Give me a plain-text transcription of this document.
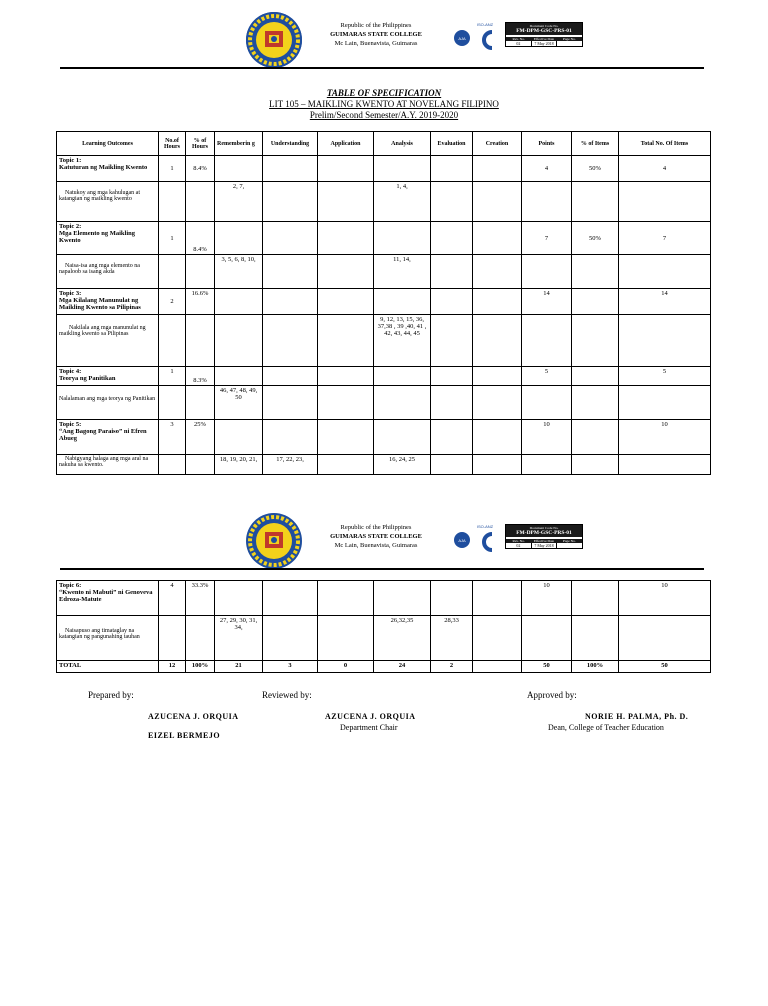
Republic of the Philippines
GUIMARAS STATE COLLEGE
Mc Lain, Buenavista, Guimaras
AJA
ISO-ANZ	Document Code No.
FM-DPM-GSC-PRS-01
Rev. No.	Effective Date	Page No.
02	7 May 2018
TABLE OF SPECIFICATION
LIT 105 – MAIKLING KWENTO AT NOVELANG FILIPINO
Prelim/Second Semester/A.Y. 2019-2020
Learning Outcomes	No.of Hours	% of Hours	Rememberin g	Understanding	Application	Analysis	Evaluation	Creation	Points	% of Items	Total No. Of Items
Topic 1:
Katuturan ng Maikling Kwento	1	8.4%							4	50%	4
Natukoy ang mga kahulugan at katangian ng maikling kwento			2, 7,			1, 4,					
Topic 2:
Mga Elemento ng Maikling Kwento	1	8.4%							7	50%	7
Naisa-isa ang mga elemento na napaloob sa isang akda			3, 5, 6, 8, 10,			11, 14,					
Topic 3:
Mga Kilalang Manunulat ng Maikling Kwento sa Pilipinas	2	16.6%							14		14
Nakilala ang mga manunulat ng maikling kwento sa Pilipinas						9, 12, 13, 15, 36, 37,38 , 39 ,40, 41 , 42, 43, 44, 45					
Topic 4:
Teorya ng Panitikan	1	8.3%							5		5
Nalalaman ang mga teorya ng Panitikan			46, 47, 48, 49, 50								
Topic 5:
“Ang Bagong Paraiso” ni Efren Abueg	3	25%							10		10
Nabigyang halaga ang mga aral na nakuha sa kwento.			18, 19, 20, 21,	17, 22, 23,		16, 24, 25					
Republic of the Philippines
GUIMARAS STATE COLLEGE
Mc Lain, Buenavista, Guimaras
AJA
ISO-ANZ	Document Code No.
FM-DPM-GSC-PRS-01
Rev. No.	Effective Date	Page No.
02	7 May 2018
Topic 6:
“Kwento ni Mabuti” ni Genoveva Edroza-Matute	4	33.3%							10		10
Naisapuso ang timataglay na katangian ng pangunahing tauhan			27, 29, 30, 31, 34,			26,32,35	28,33				
TOTAL	12	100%	21	3	0	24	2		50	100%	50
Prepared by:	Reviewed by:	Approved by:
AZUCENA J. ORQUIA
EIZEL BERMEJO
AZUCENA J. ORQUIA
Department Chair
NORIE H. PALMA, Ph. D.
Dean, College of Teacher Education
